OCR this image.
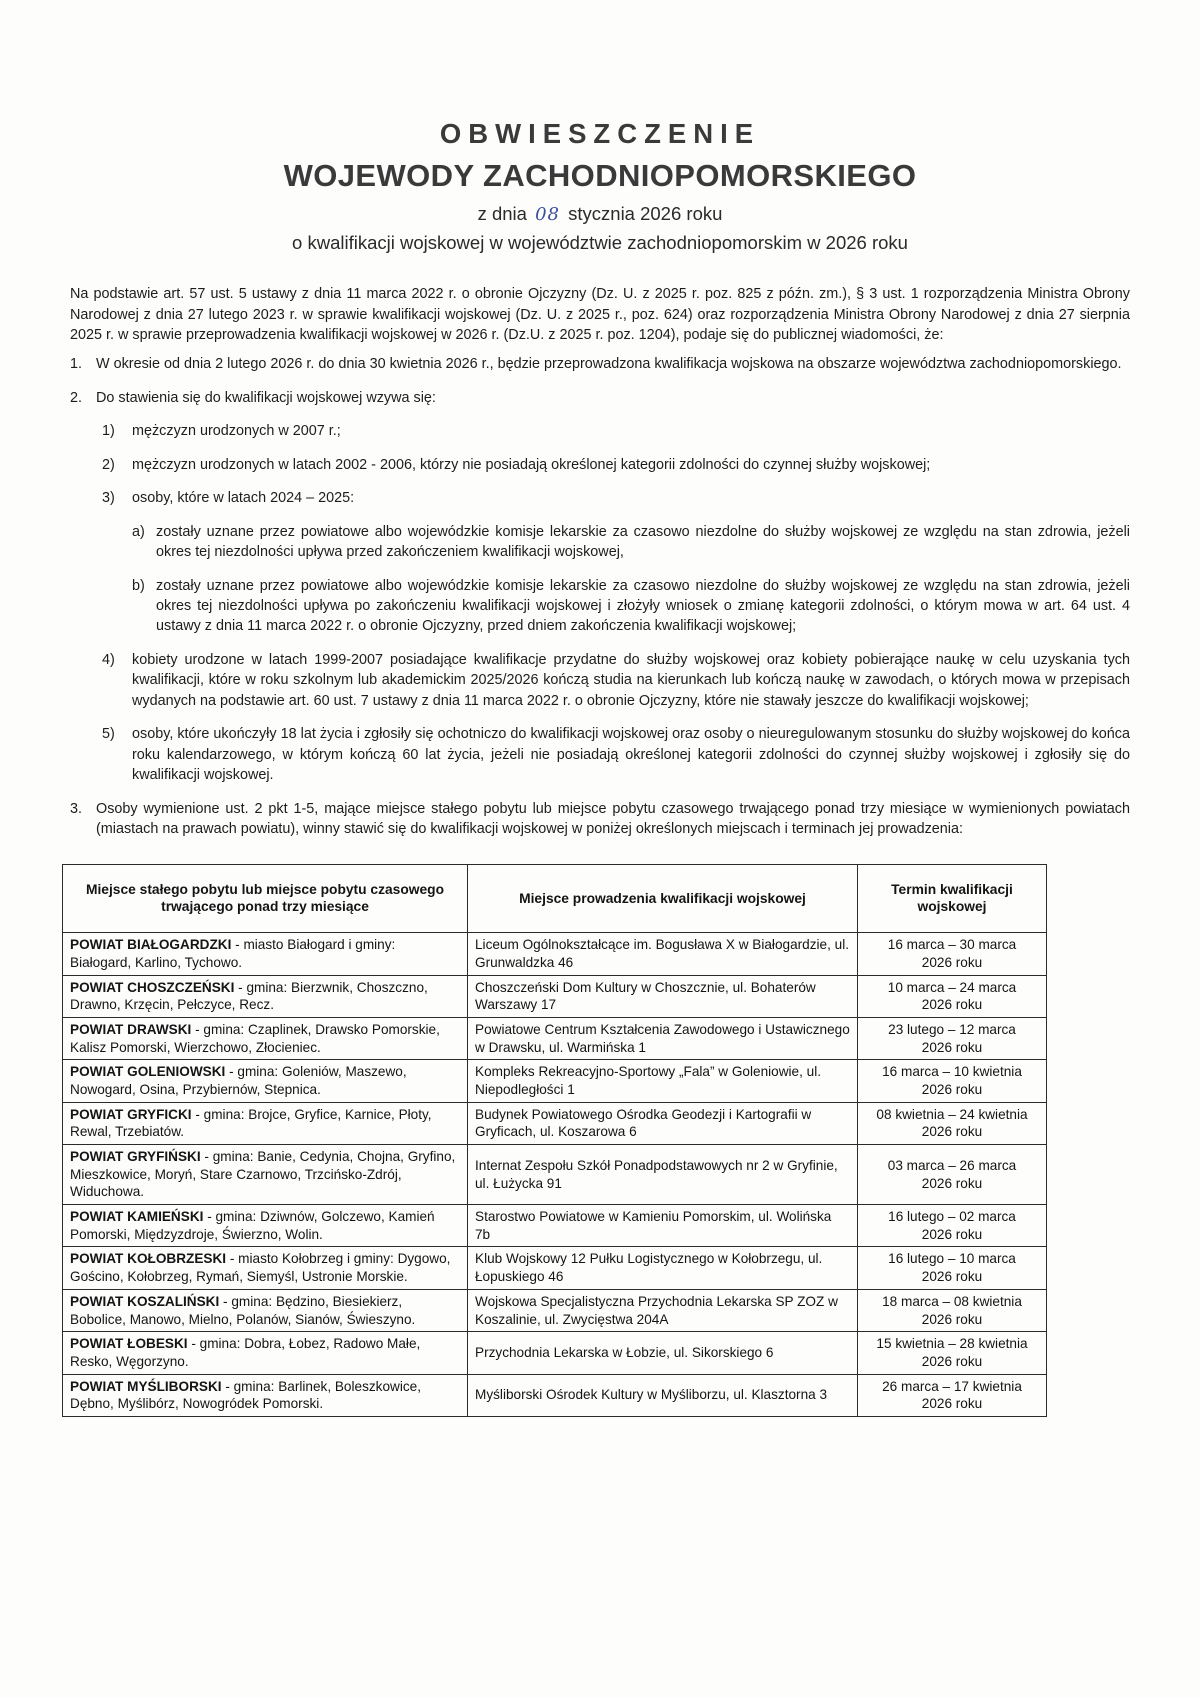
OBWIESZCZENIE
WOJEWODY ZACHODNIOPOMORSKIEGO
z dnia 08 stycznia 2026 roku
o kwalifikacji wojskowej w województwie zachodniopomorskim w 2026 roku

Na podstawie art. 57 ust. 5 ustawy z dnia 11 marca 2022 r. o obronie Ojczyzny (Dz. U. z 2025 r. poz. 825 z późn. zm.), § 3 ust. 1 rozporządzenia Ministra Obrony Narodowej z dnia 27 lutego 2023 r. w sprawie kwalifikacji wojskowej (Dz. U. z 2025 r., poz. 624) oraz rozporządzenia Ministra Obrony Narodowej z dnia 27 sierpnia 2025 r. w sprawie przeprowadzenia kwalifikacji wojskowej w 2026 r. (Dz.U. z 2025 r. poz. 1204), podaje się do publicznej wiadomości, że:

1. W okresie od dnia 2 lutego 2026 r. do dnia 30 kwietnia 2026 r., będzie przeprowadzona kwalifikacja wojskowa na obszarze województwa zachodniopomorskiego.
2. Do stawienia się do kwalifikacji wojskowej wzywa się:
1)	mężczyzn urodzonych w 2007 r.;
2)	mężczyzn urodzonych w latach 2002 - 2006, którzy nie posiadają określonej kategorii zdolności do czynnej służby wojskowej;
3)	osoby, które w latach 2024 – 2025:
a) zostały uznane przez powiatowe albo wojewódzkie komisje lekarskie za czasowo niezdolne do służby wojskowej ze względu na stan zdrowia, jeżeli okres tej niezdolności upływa przed zakończeniem kwalifikacji wojskowej,
b) zostały uznane przez powiatowe albo wojewódzkie komisje lekarskie za czasowo niezdolne do służby wojskowej ze względu na stan zdrowia, jeżeli okres tej niezdolności upływa po zakończeniu kwalifikacji wojskowej i złożyły wniosek o zmianę kategorii zdolności, o którym mowa w art. 64 ust. 4 ustawy z dnia 11 marca 2022 r. o obronie Ojczyzny, przed dniem zakończenia kwalifikacji wojskowej;
4)	kobiety urodzone w latach 1999-2007 posiadające kwalifikacje przydatne do służby wojskowej oraz kobiety pobierające naukę w celu uzyskania tych kwalifikacji, które w roku szkolnym lub akademickim 2025/2026 kończą studia na kierunkach lub kończą naukę w zawodach, o których mowa w przepisach wydanych na podstawie art. 60 ust. 7 ustawy z dnia 11 marca 2022 r. o obronie Ojczyzny, które nie stawały jeszcze do kwalifikacji wojskowej;
5)	osoby, które ukończyły 18 lat życia i zgłosiły się ochotniczo do kwalifikacji wojskowej oraz osoby o nieuregulowanym stosunku do służby wojskowej do końca roku kalendarzowego, w którym kończą 60 lat życia, jeżeli nie posiadają określonej kategorii zdolności do czynnej służby wojskowej i zgłosiły się do kwalifikacji wojskowej.
3. Osoby wymienione ust. 2 pkt 1-5, mające miejsce stałego pobytu lub miejsce pobytu czasowego trwającego ponad trzy miesiące w wymienionych powiatach (miastach na prawach powiatu), winny stawić się do kwalifikacji wojskowej w poniżej określonych miejscach i terminach jej prowadzenia:
Miejsce stałego pobytu lub miejsce pobytu czasowego trwającego ponad trzy miesiące	Miejsce prowadzenia kwalifikacji wojskowej	Termin kwalifikacji wojskowej
POWIAT BIAŁOGARDZKI - miasto Białogard i gminy: Białogard, Karlino, Tychowo.	Liceum Ogólnokształcące im. Bogusława X w Białogardzie, ul. Grunwaldzka 46	16 marca – 30 marca
2026 roku

POWIAT CHOSZCZEŃSKI - gmina: Bierzwnik, Choszczno, Drawno, Krzęcin, Pełczyce, Recz.	Choszczeński Dom Kultury w Choszcznie, ul. Bohaterów Warszawy 17	10 marca – 24 marca
2026 roku

POWIAT DRAWSKI - gmina: Czaplinek, Drawsko Pomorskie, Kalisz Pomorski, Wierzchowo, Złocieniec.	Powiatowe Centrum Kształcenia Zawodowego i Ustawicznego w Drawsku, ul. Warmińska 1	23 lutego – 12 marca
2026 roku

POWIAT GOLENIOWSKI - gmina: Goleniów, Maszewo, Nowogard, Osina, Przybiernów, Stepnica.	Kompleks Rekreacyjno-Sportowy „Fala” w Goleniowie, ul. Niepodległości 1	16 marca – 10 kwietnia
2026 roku

POWIAT GRYFICKI - gmina: Brojce, Gryfice, Karnice, Płoty, Rewal, Trzebiatów.	Budynek Powiatowego Ośrodka Geodezji i Kartografii w Gryficach, ul. Koszarowa 6	08 kwietnia – 24 kwietnia
2026 roku

POWIAT GRYFIŃSKI - gmina: Banie, Cedynia, Chojna, Gryfino, Mieszkowice, Moryń, Stare Czarnowo, Trzcińsko-Zdrój, Widuchowa.	Internat Zespołu Szkół Ponadpodstawowych nr 2 w Gryfinie, ul. Łużycka 91	03 marca – 26 marca
2026 roku

POWIAT KAMIEŃSKI - gmina: Dziwnów, Golczewo, Kamień Pomorski, Międzyzdroje, Świerzno, Wolin.	Starostwo Powiatowe w Kamieniu Pomorskim, ul. Wolińska 7b	16 lutego – 02 marca
2026 roku

POWIAT KOŁOBRZESKI - miasto Kołobrzeg i gminy: Dygowo, Gościno, Kołobrzeg, Rymań, Siemyśl, Ustronie Morskie.	Klub Wojskowy 12 Pułku Logistycznego w Kołobrzegu, ul. Łopuskiego 46	16 lutego – 10 marca
2026 roku

POWIAT KOSZALIŃSKI - gmina: Będzino, Biesiekierz, Bobolice, Manowo, Mielno, Polanów, Sianów, Świeszyno.	Wojskowa Specjalistyczna Przychodnia Lekarska SP ZOZ w Koszalinie, ul. Zwycięstwa 204A	18 marca – 08 kwietnia
2026 roku

POWIAT ŁOBESKI - gmina: Dobra, Łobez, Radowo Małe, Resko, Węgorzyno.	Przychodnia Lekarska w Łobzie, ul. Sikorskiego 6	15 kwietnia – 28 kwietnia
2026 roku

POWIAT MYŚLIBORSKI - gmina: Barlinek, Boleszkowice, Dębno, Myślibórz, Nowogródek Pomorski.	Myśliborski Ośrodek Kultury w Myśliborzu, ul. Klasztorna 3	26 marca – 17 kwietnia
2026 roku
